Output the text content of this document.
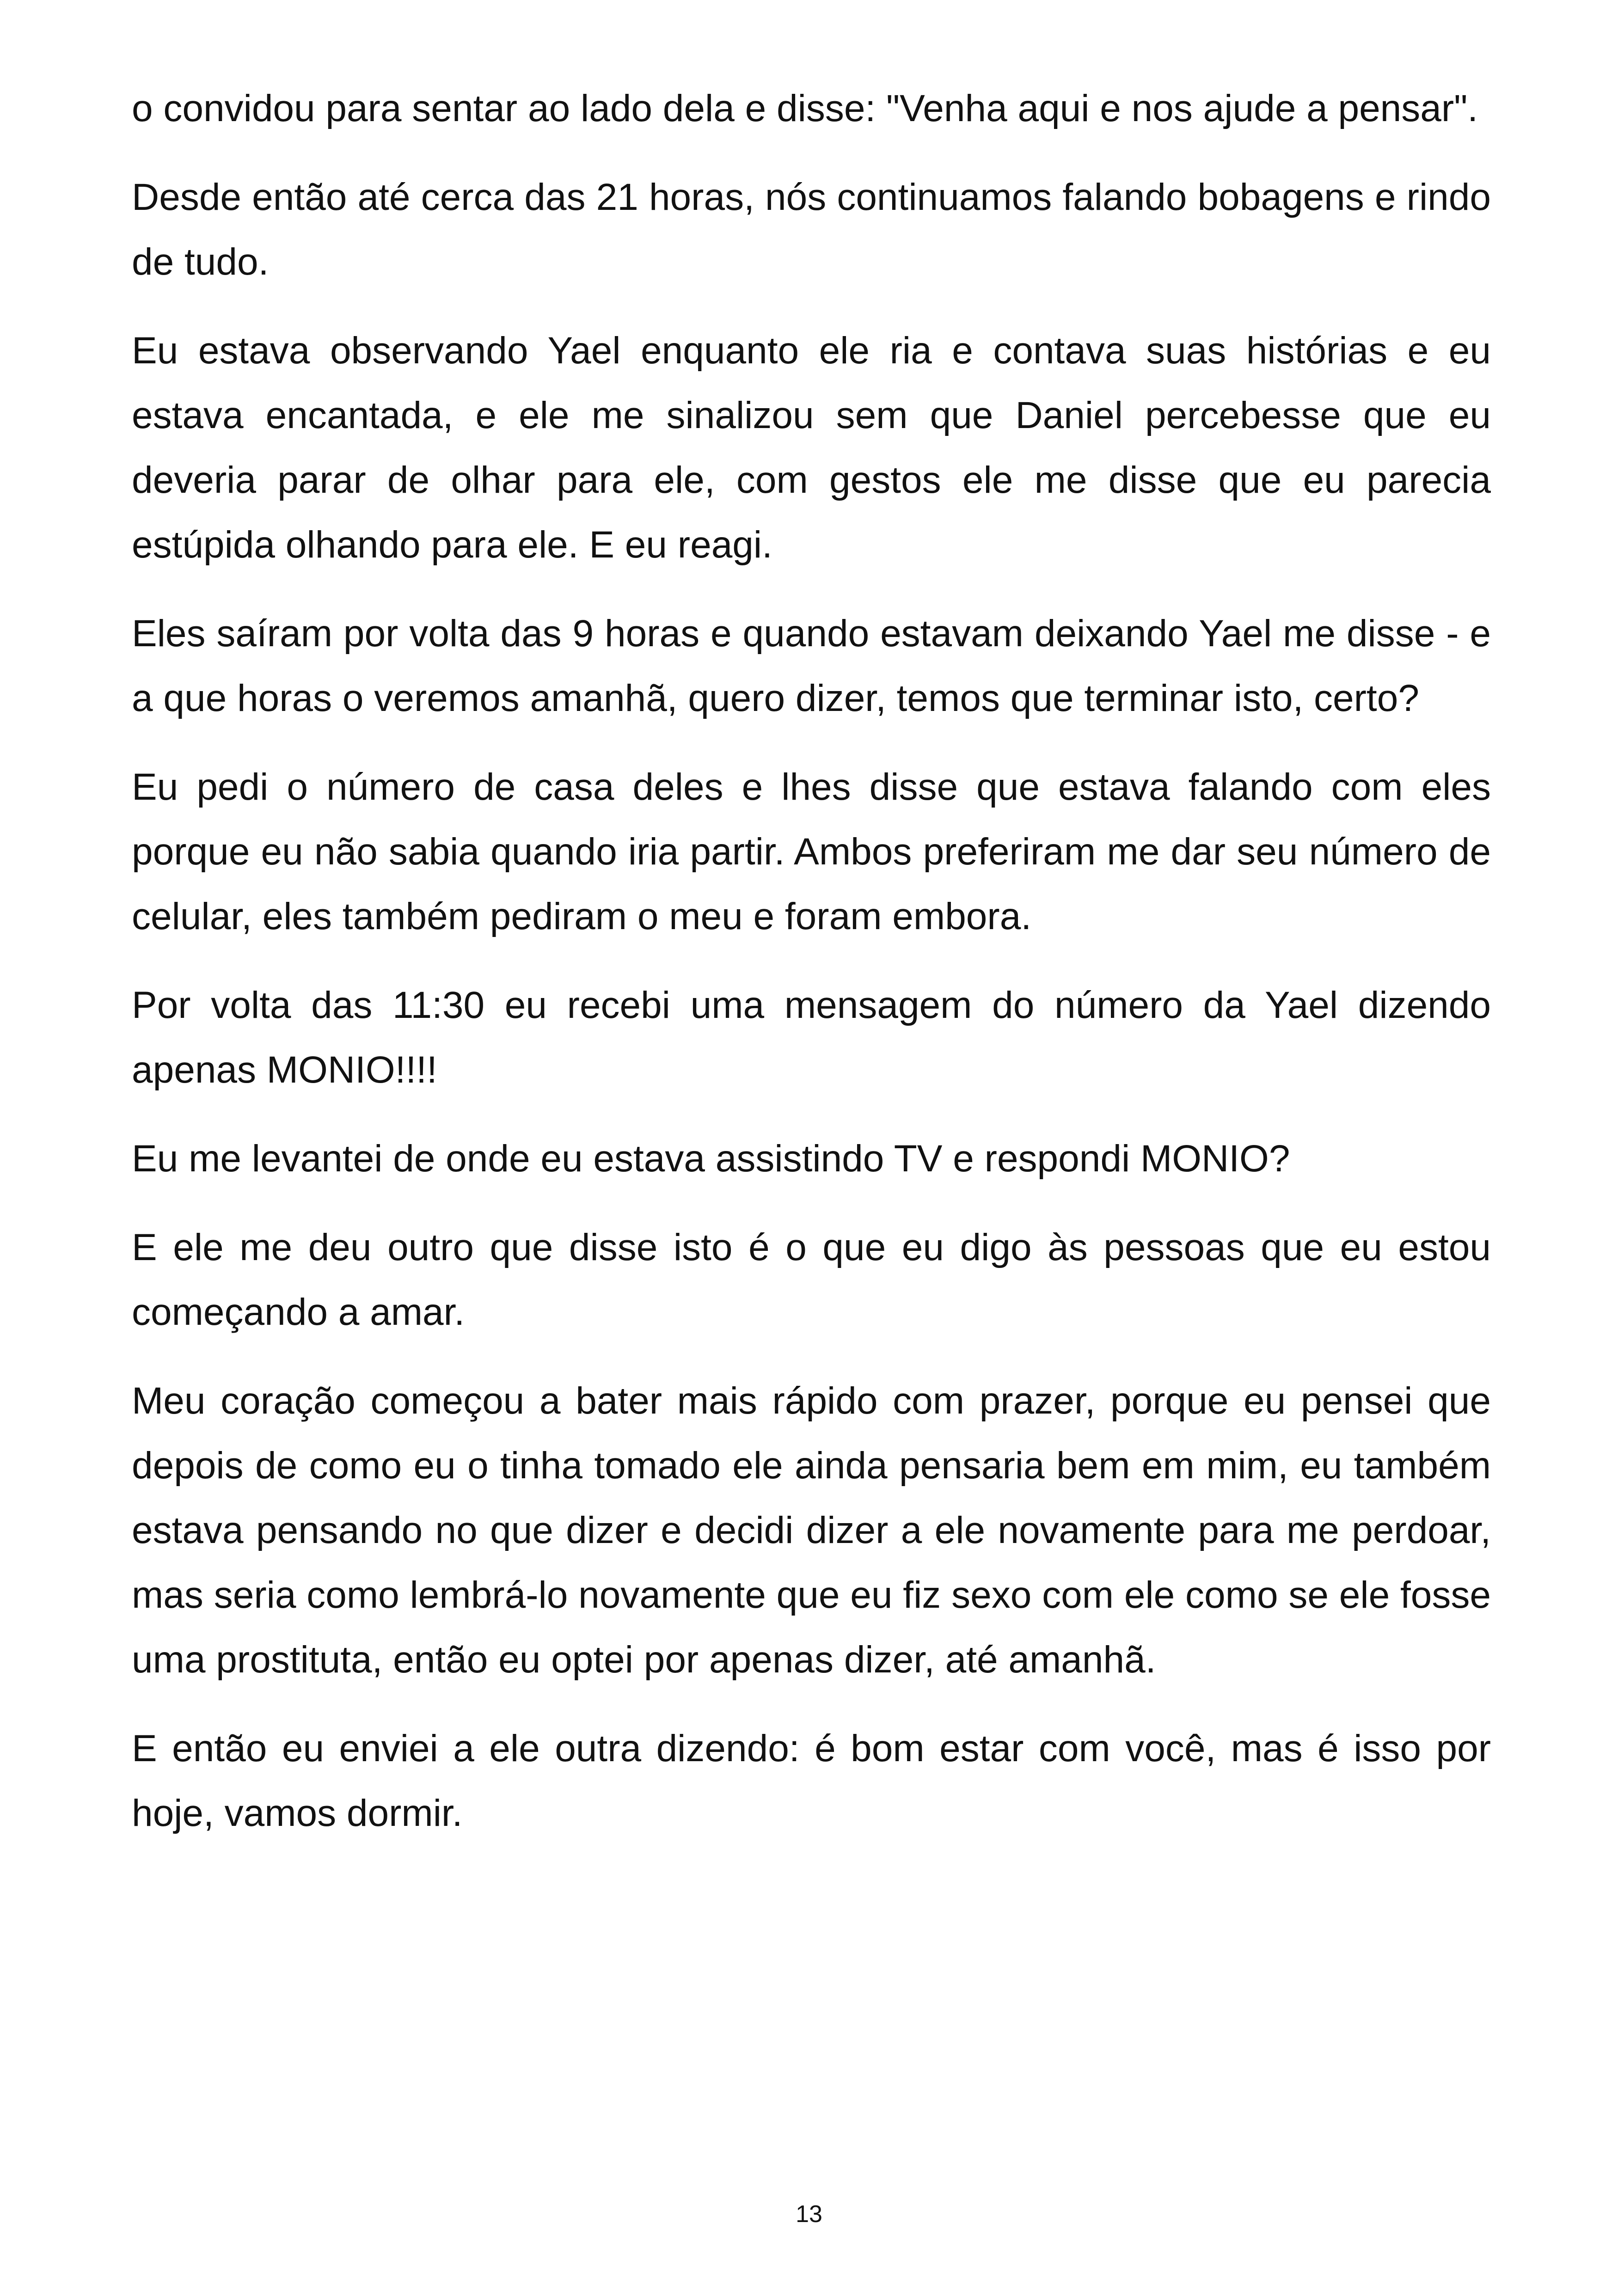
o convidou para sentar ao lado dela e disse: "Venha aqui e nos ajude a pensar".

Desde então até cerca das 21 horas, nós continuamos falando bobagens e rindo de tudo.

Eu estava observando Yael enquanto ele ria e contava suas histórias e eu estava encantada, e ele me sinalizou sem que Daniel percebesse que eu deveria parar de olhar para ele, com gestos ele me disse que eu parecia estúpida olhando para ele. E eu reagi.

Eles saíram por volta das 9 horas e quando estavam deixando Yael me disse - e a que horas o veremos amanhã, quero dizer, temos que terminar isto, certo?

Eu pedi o número de casa deles e lhes disse que estava falando com eles porque eu não sabia quando iria partir. Ambos preferiram me dar seu número de celular, eles também pediram o meu e foram embora.

Por volta das 11:30 eu recebi uma mensagem do número da Yael dizendo apenas MONIO!!!!

Eu me levantei de onde eu estava assistindo TV e respondi MONIO?

E ele me deu outro que disse isto é o que eu digo às pessoas que eu estou começando a amar.

Meu coração começou a bater mais rápido com prazer, porque eu pensei que depois de como eu o tinha tomado ele ainda pensaria bem em mim, eu também estava pensando no que dizer e decidi dizer a ele novamente para me perdoar, mas seria como lembrá-lo novamente que eu fiz sexo com ele como se ele fosse uma prostituta, então eu optei por apenas dizer, até amanhã.

E então eu enviei a ele outra dizendo: é bom estar com você, mas é isso por hoje, vamos dormir.

13
